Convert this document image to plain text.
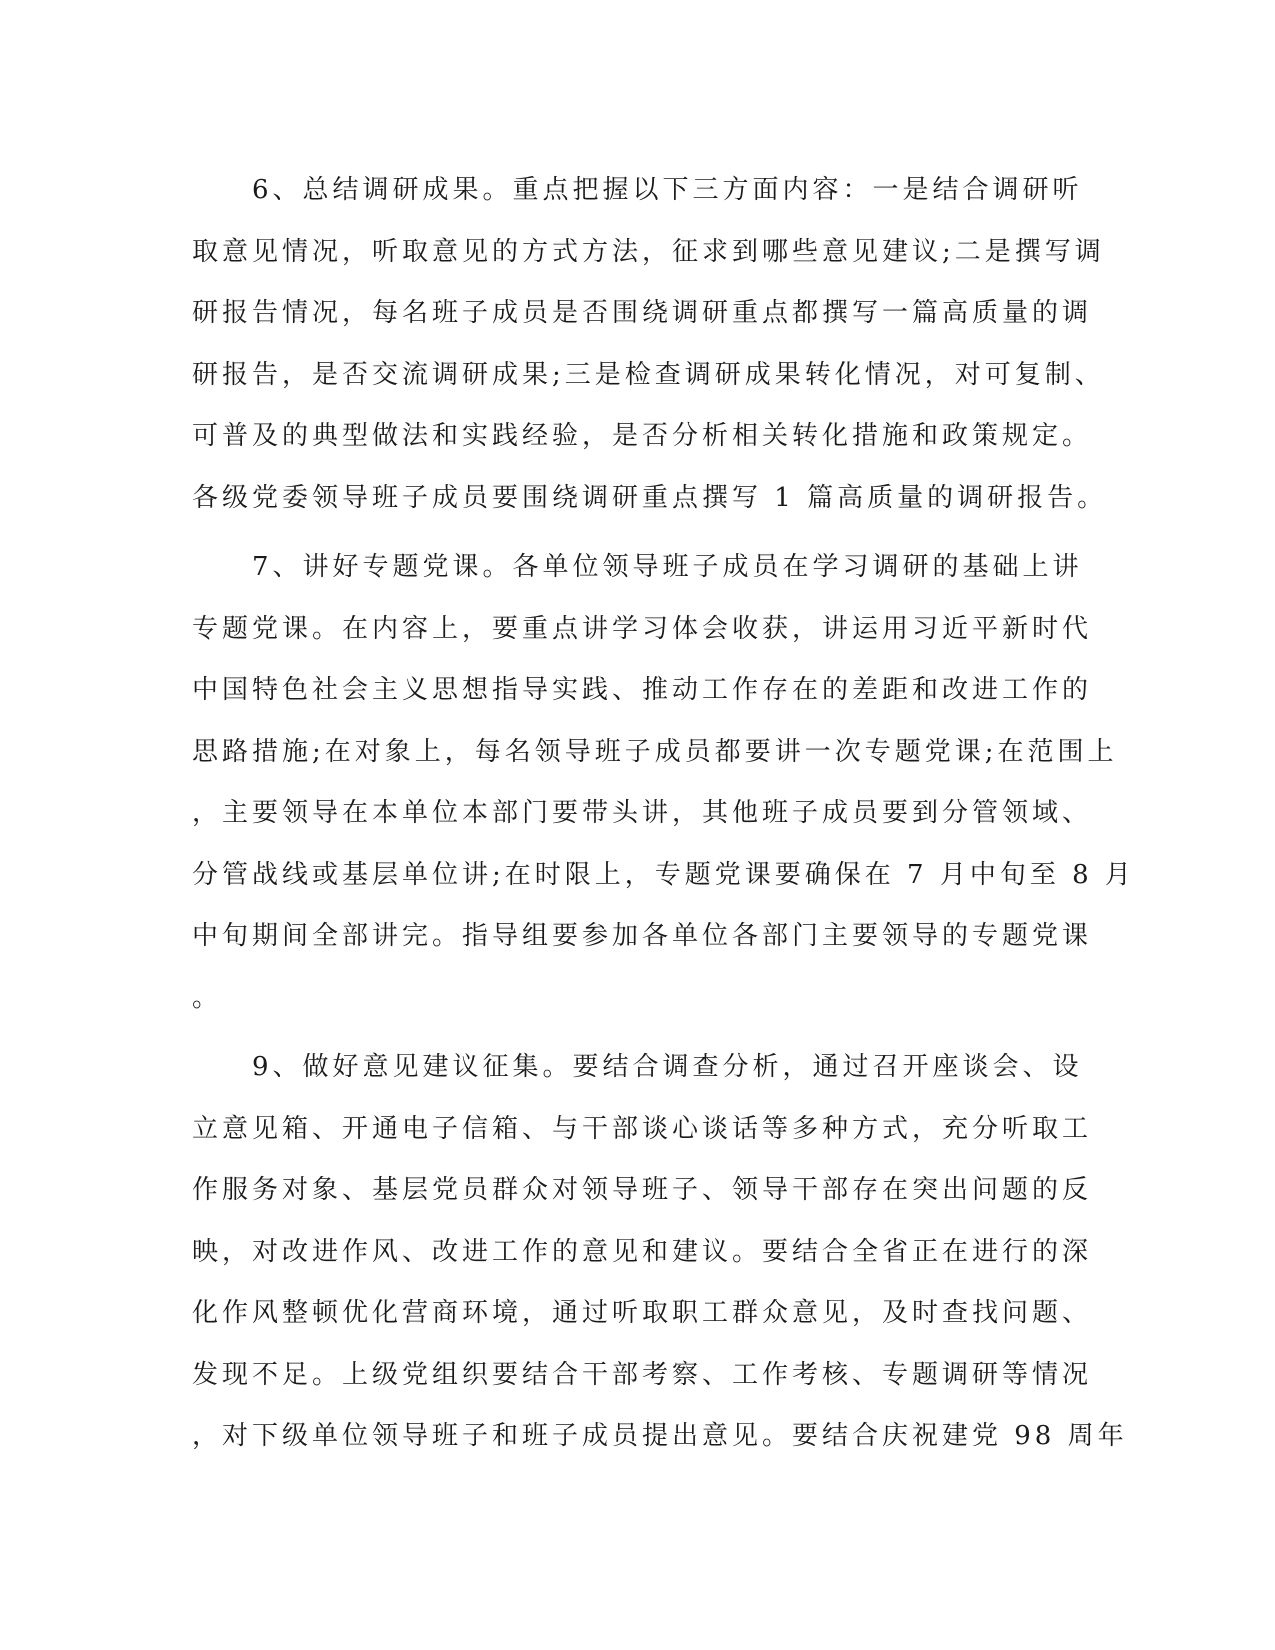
　　6、总结调研成果。重点把握以下三方面内容：一是结合调研听
取意见情况，听取意见的方式方法，征求到哪些意见建议;二是撰写调
研报告情况，每名班子成员是否围绕调研重点都撰写一篇高质量的调
研报告，是否交流调研成果;三是检查调研成果转化情况，对可复制、
可普及的典型做法和实践经验，是否分析相关转化措施和政策规定。
各级党委领导班子成员要围绕调研重点撰写 1 篇高质量的调研报告。
　　7、讲好专题党课。各单位领导班子成员在学习调研的基础上讲
专题党课。在内容上，要重点讲学习体会收获，讲运用习近平新时代
中国特色社会主义思想指导实践、推动工作存在的差距和改进工作的
思路措施;在对象上，每名领导班子成员都要讲一次专题党课;在范围上
，主要领导在本单位本部门要带头讲，其他班子成员要到分管领域、
分管战线或基层单位讲;在时限上，专题党课要确保在 7 月中旬至 8 月
中旬期间全部讲完。指导组要参加各单位各部门主要领导的专题党课
。
　　9、做好意见建议征集。要结合调查分析，通过召开座谈会、设
立意见箱、开通电子信箱、与干部谈心谈话等多种方式，充分听取工
作服务对象、基层党员群众对领导班子、领导干部存在突出问题的反
映，对改进作风、改进工作的意见和建议。要结合全省正在进行的深
化作风整顿优化营商环境，通过听取职工群众意见，及时查找问题、
发现不足。上级党组织要结合干部考察、工作考核、专题调研等情况
，对下级单位领导班子和班子成员提出意见。要结合庆祝建党 98 周年
